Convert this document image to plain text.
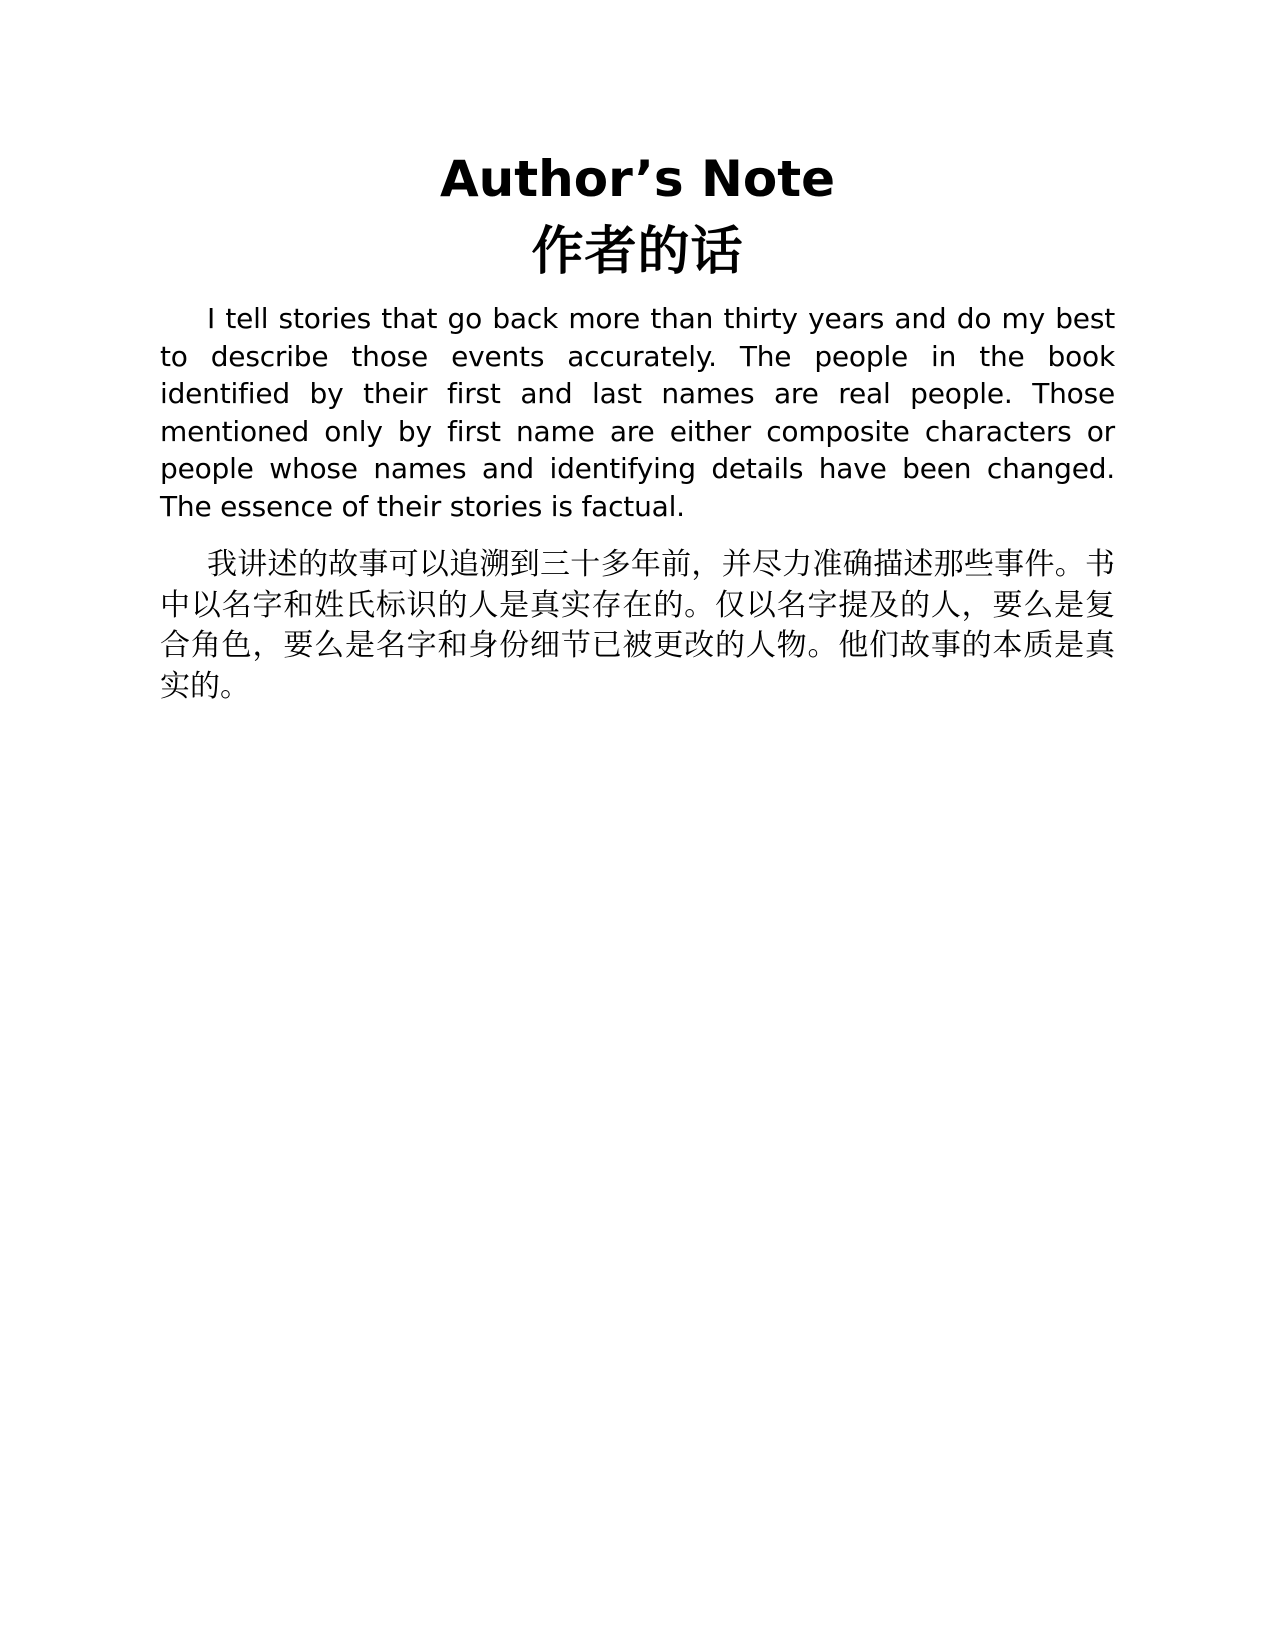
Author’s Note
作者的话

I tell stories that go back more than thirty years and do my best to describe those events accurately. The people in the book identified by their first and last names are real people. Those mentioned only by first name are either composite characters or people whose names and identifying details have been changed. The essence of their stories is factual.

我讲述的故事可以追溯到三十多年前，并尽力准确描述那些事件。书中以名字和姓氏标识的人是真实存在的。仅以名字提及的人，要么是复合角色，要么是名字和身份细节已被更改的人物。他们故事的本质是真实的。
